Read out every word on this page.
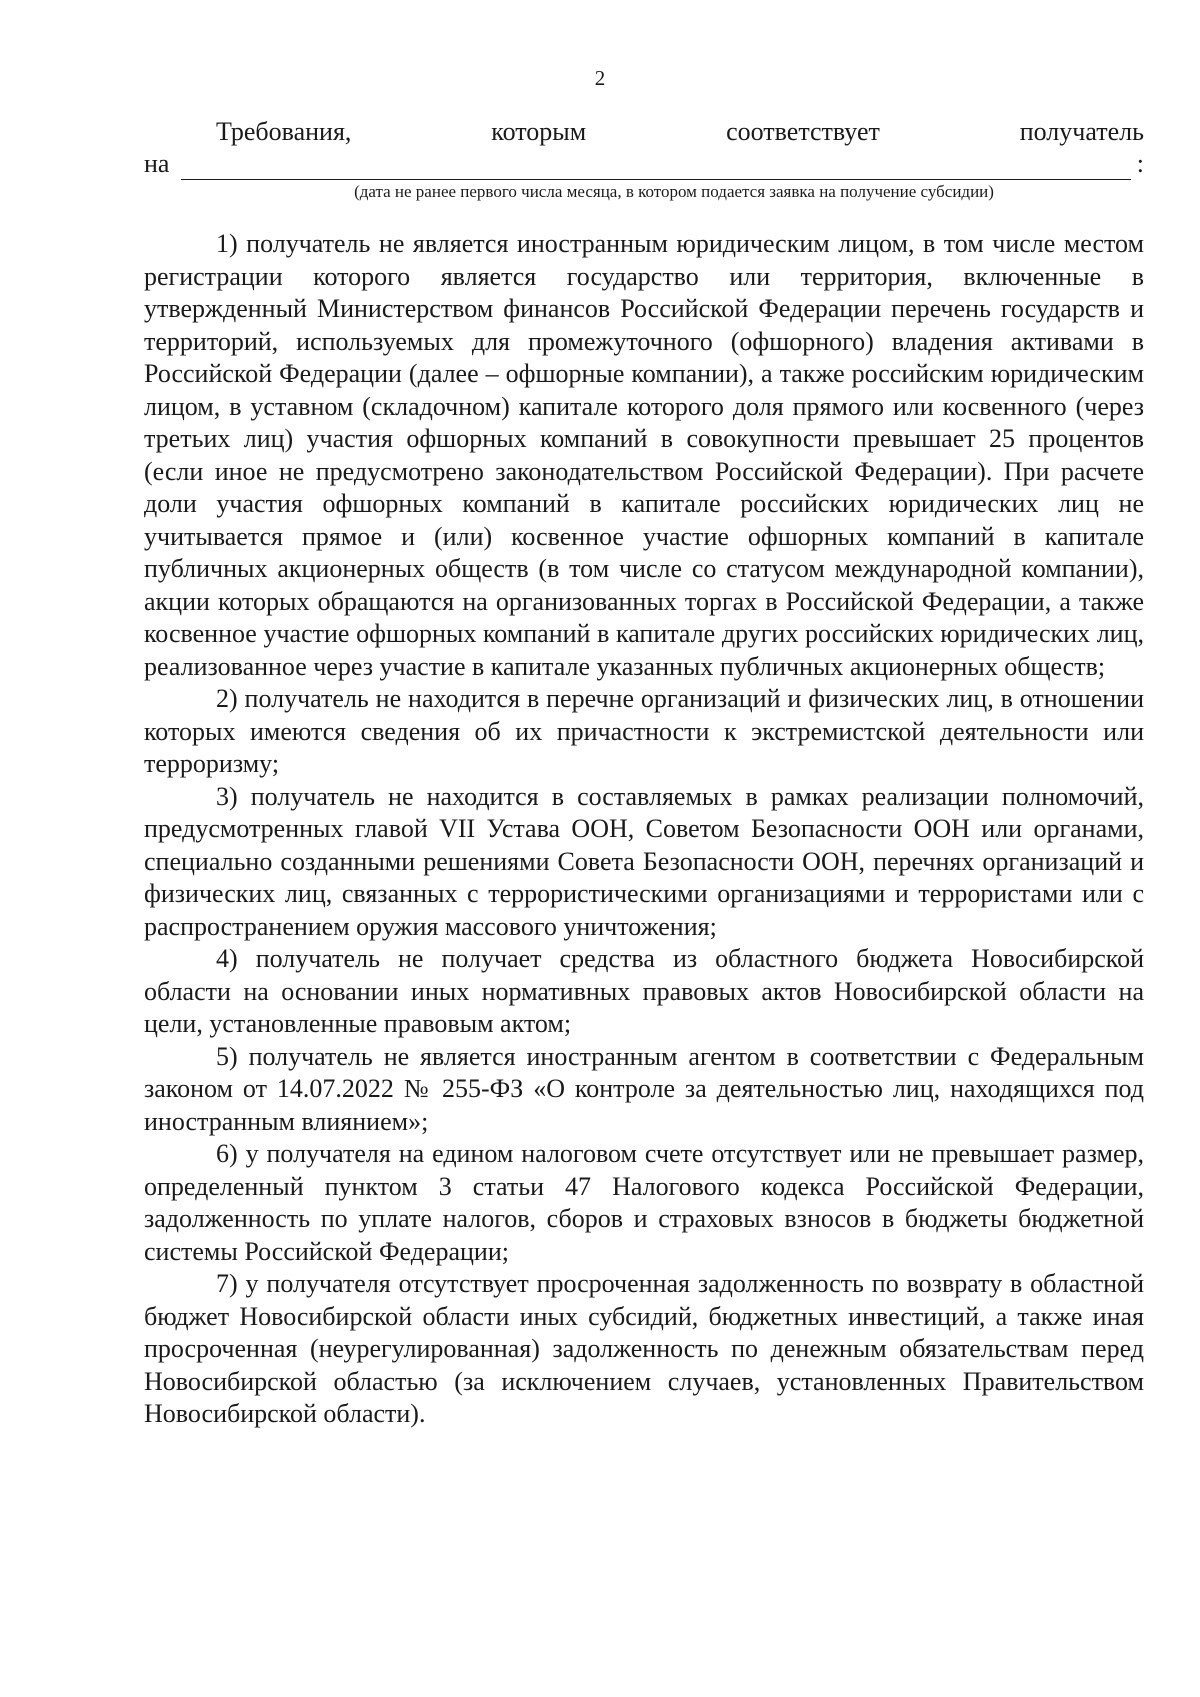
2
Требования,	которым	соответствует	получатель
на	:
(дата не ранее первого числа месяца, в котором подается заявка на получение субсидии)

1) получатель не является иностранным юридическим лицом, в том числе местом регистрации которого является государство или территория, включенные в утвержденный Министерством финансов Российской Федерации перечень государств и территорий, используемых для промежуточного (офшорного) владения активами в Российской Федерации (далее – офшорные компании), а также российским юридическим лицом, в уставном (складочном) капитале которого доля прямого или косвенного (через третьих лиц) участия офшорных компаний в совокупности превышает 25 процентов (если иное не предусмотрено законодательством Российской Федерации). При расчете доли участия офшорных компаний в капитале российских юридических лиц не учитывается прямое и (или) косвенное участие офшорных компаний в капитале публичных акционерных обществ (в том числе со статусом международной компании), акции которых обращаются на организованных торгах в Российской Федерации, а также косвенное участие офшорных компаний в капитале других российских юридических лиц, реализованное через участие в капитале указанных публичных акционерных обществ;

2) получатель не находится в перечне организаций и физических лиц, в отношении которых имеются сведения об их причастности к экстремистской деятельности или терроризму;

3) получатель не находится в составляемых в рамках реализации полномочий, предусмотренных главой VII Устава ООН, Советом Безопасности ООН или органами, специально созданными решениями Совета Безопасности ООН, перечнях организаций и физических лиц, связанных с террористическими организациями и террористами или с распространением оружия массового уничтожения;

4) получатель не получает средства из областного бюджета Новосибирской области на основании иных нормативных правовых актов Новосибирской области на цели, установленные правовым актом;

5) получатель не является иностранным агентом в соответствии с Федеральным законом от 14.07.2022 № 255-ФЗ «О контроле за деятельностью лиц, находящихся под иностранным влиянием»;

6) у получателя на едином налоговом счете отсутствует или не превышает размер, определенный пунктом 3 статьи 47 Налогового кодекса Российской Федерации, задолженность по уплате налогов, сборов и страховых взносов в бюджеты бюджетной системы Российской Федерации;

7) у получателя отсутствует просроченная задолженность по возврату в областной бюджет Новосибирской области иных субсидий, бюджетных инвестиций, а также иная просроченная (неурегулированная) задолженность по денежным обязательствам перед Новосибирской областью (за исключением случаев, установленных Правительством Новосибирской области).
